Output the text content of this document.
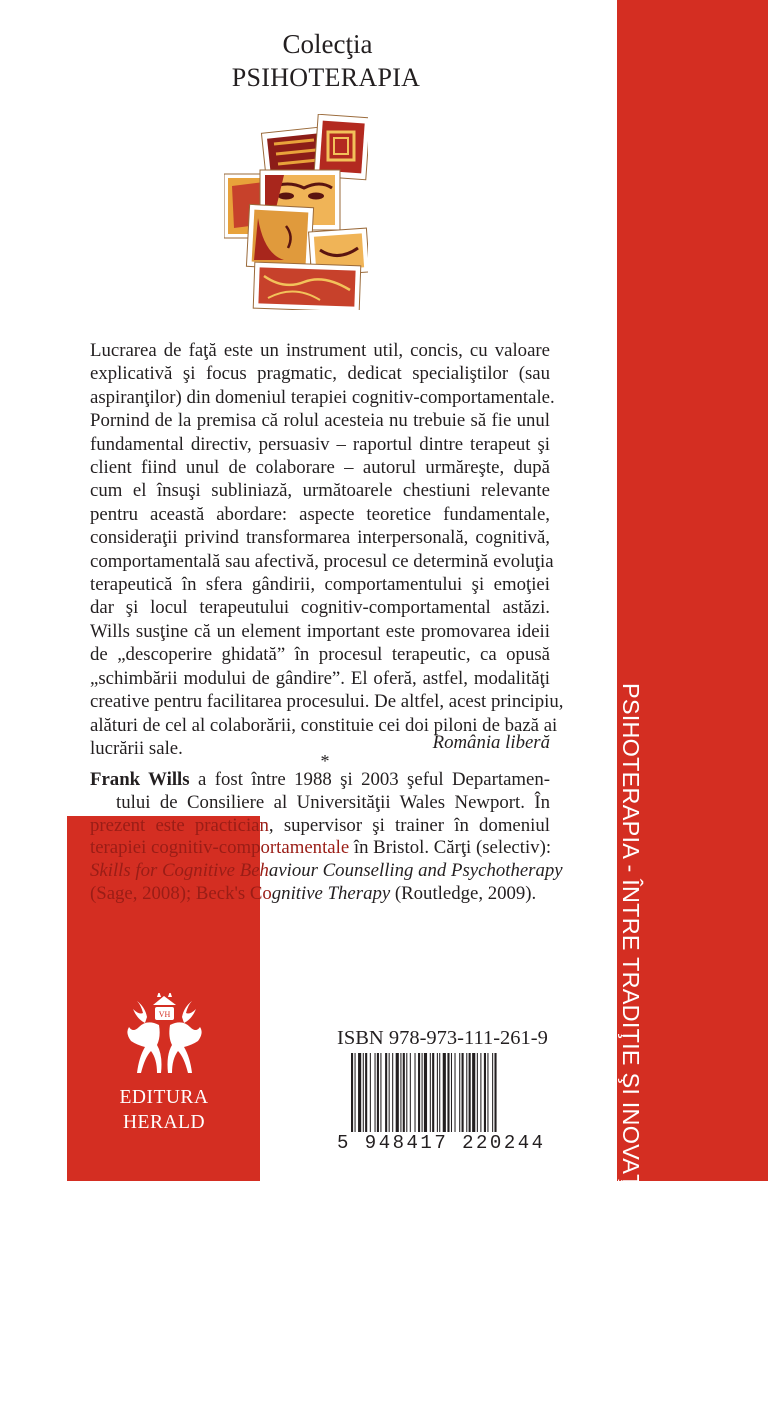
PSIHOTERAPIA - ÎNTRE TRADIŢIE ŞI INOVAŢIE
Colecţia
PSIHOTERAPIA
Lucrarea de faţă este un instrument util, concis, cu valoare
explicativă şi focus pragmatic, dedicat specialiştilor (sau
aspiranţilor) din domeniul terapiei cognitiv-comportamentale.
Pornind de la premisa că rolul acesteia nu trebuie să fie unul
fundamental directiv, persuasiv – raportul dintre terapeut şi
client fiind unul de colaborare – autorul urmăreşte, după
cum el însuşi subliniază, următoarele chestiuni relevante
pentru această abordare: aspecte teoretice fundamentale,
consideraţii privind transformarea interpersonală, cognitivă,
comportamentală sau afectivă, procesul ce determină evoluţia
terapeutică în sfera gândirii, comportamentului şi emoţiei
dar şi locul terapeutului cognitiv-comportamental astăzi.
Wills susţine că un element important este promovarea ideii
de „descoperire ghidată” în procesul terapeutic, ca opusă
„schimbării modului de gândire”. El oferă, astfel, modalităţi
creative pentru facilitarea procesului. De altfel, acest principiu,
alături de cel al colaborării, constituie cei doi piloni de bază ai
lucrării sale.	România liberă
*
Frank Wills a fost între 1988 şi 2003 şeful Departamen-
tului de Consiliere al Universităţii Wales Newport. În
prezent este practician, supervisor şi trainer în domeniul
terapiei cognitiv-comportamentale în Bristol. Cărţi (selectiv):
Skills for Cognitive Behaviour Counselling and Psychotherapy
(Sage, 2008); Beck's Cognitive Therapy (Routledge, 2009).
VH
EDITURA
HERALD
ISBN 978-973-111-261-9
5 948417 220244
